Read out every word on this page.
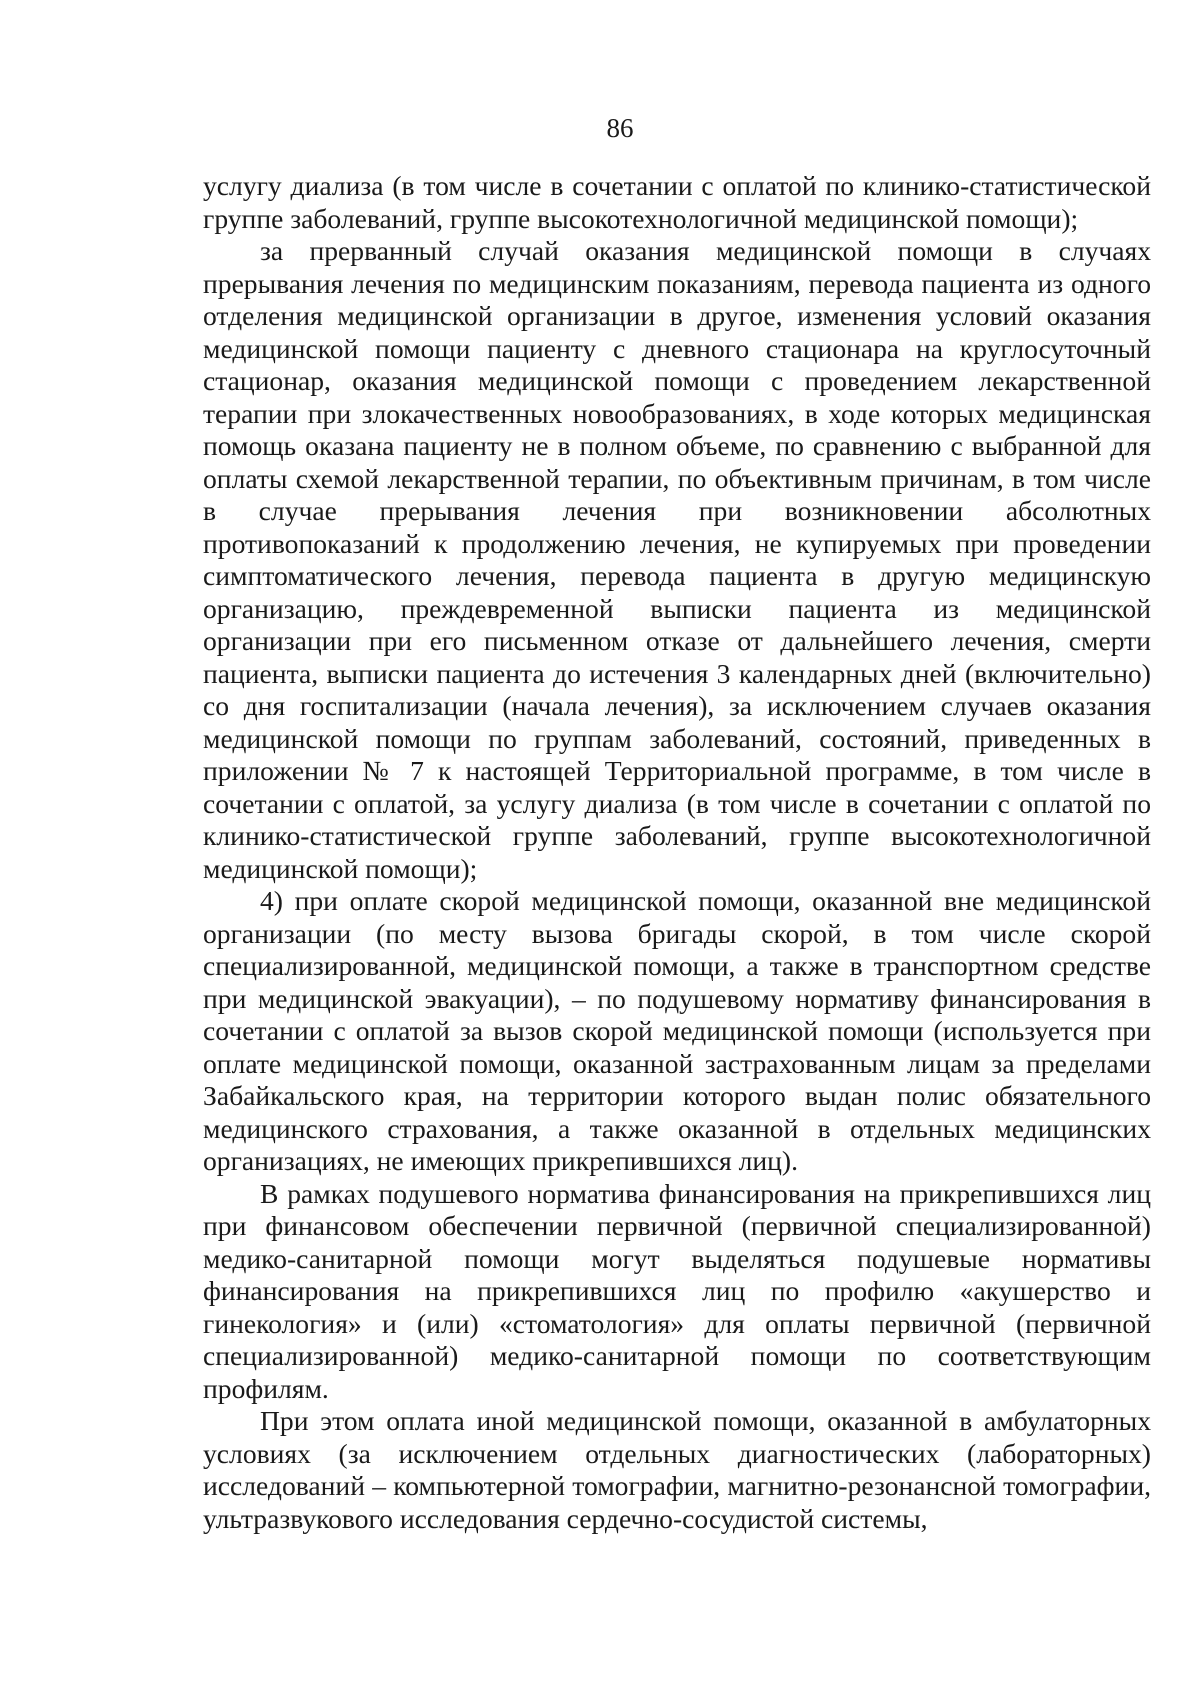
86

услугу диализа (в том числе в сочетании с оплатой по клинико-статистической группе заболеваний, группе высокотехнологичной медицинской помощи);

за прерванный случай оказания медицинской помощи в случаях прерывания лечения по медицинским показаниям, перевода пациента из одного отделения медицинской организации в другое, изменения условий оказания медицинской помощи пациенту с дневного стационара на круглосуточный стационар, оказания медицинской помощи с проведением лекарственной терапии при злокачественных новообразованиях, в ходе которых медицинская помощь оказана пациенту не в полном объеме, по сравнению с выбранной для оплаты схемой лекарственной терапии, по объективным причинам, в том числе в случае прерывания лечения при возникновении абсолютных противопоказаний к продолжению лечения, не купируемых при проведении симптоматического лечения, перевода пациента в другую медицинскую организацию, преждевременной выписки пациента из медицинской организации при его письменном отказе от дальнейшего лечения, смерти пациента, выписки пациента до истечения 3 календарных дней (включительно) со дня госпитализации (начала лечения), за исключением случаев оказания медицинской помощи по группам заболеваний, состояний, приведенных в приложении № 7 к настоящей Территориальной программе, в том числе в сочетании с оплатой, за услугу диализа (в том числе в сочетании с оплатой по клинико-статистической группе заболеваний, группе высокотехнологичной медицинской помощи);

4) при оплате скорой медицинской помощи, оказанной вне медицинской организации (по месту вызова бригады скорой, в том числе скорой специализированной, медицинской помощи, а также в транспортном средстве при медицинской эвакуации), – по подушевому нормативу финансирования в сочетании с оплатой за вызов скорой медицинской помощи (используется при оплате медицинской помощи, оказанной застрахованным лицам за пределами Забайкальского края, на территории которого выдан полис обязательного медицинского страхования, а также оказанной в отдельных медицинских организациях, не имеющих прикрепившихся лиц).

В рамках подушевого норматива финансирования на прикрепившихся лиц при финансовом обеспечении первичной (первичной специализированной) медико-санитарной помощи могут выделяться подушевые нормативы финансирования на прикрепившихся лиц по профилю «акушерство и гинекология» и (или) «стоматология» для оплаты первичной (первичной специализированной) медико-санитарной помощи по соответствующим профилям.

При этом оплата иной медицинской помощи, оказанной в амбулаторных условиях (за исключением отдельных диагностических (лабораторных) исследований – компьютерной томографии, магнитно-резонансной томографии, ультразвукового исследования сердечно-сосудистой системы,
